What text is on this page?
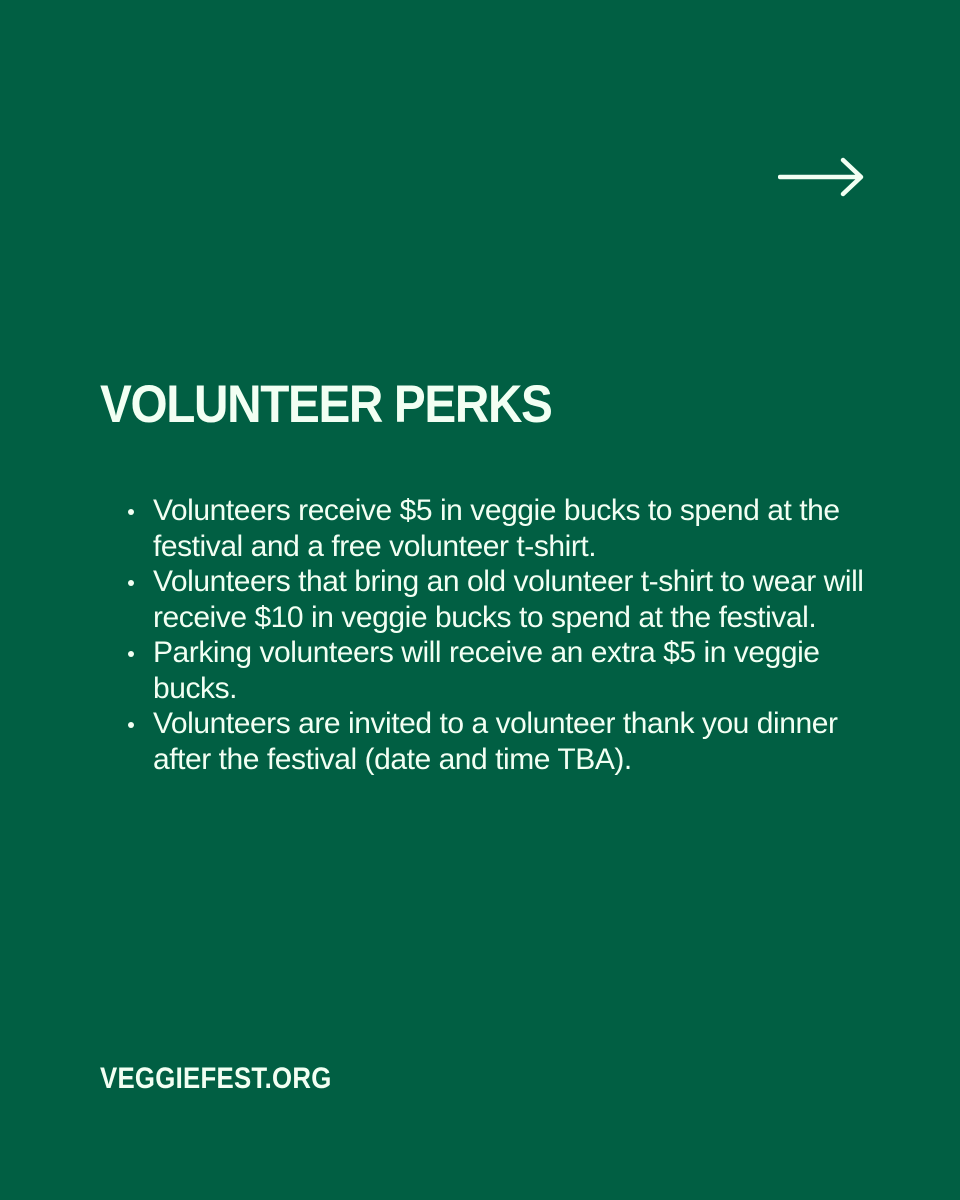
VOLUNTEER PERKS
Volunteers receive $5 in veggie bucks to spend at the festival and a free volunteer t-shirt.
Volunteers that bring an old volunteer t-shirt to wear will receive $10 in veggie bucks to spend at the festival.
Parking volunteers will receive an extra $5 in veggie bucks.
Volunteers are invited to a volunteer thank you dinner after the festival (date and time TBA).

VEGGIEFEST.ORG
